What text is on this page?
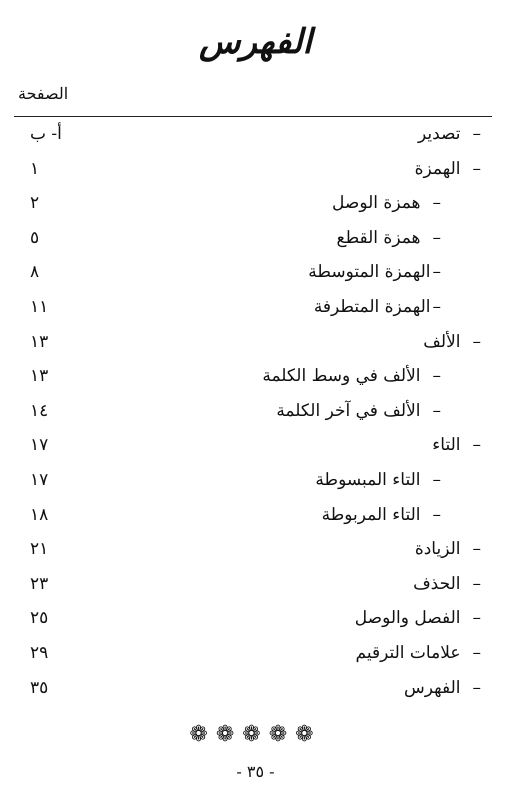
الفهرس
الصفحة
–تصدير
أ- ب
–الهمزة
١
–همزة الوصل
٢
–همزة القطع
٥
–الهمزة المتوسطة
٨
–الهمزة المتطرفة
١١
–الألف
١٣
–الألف في وسط الكلمة
١٣
–الألف في آخر الكلمة
١٤
–التاء
١٧
–التاء المبسوطة
١٧
–التاء المربوطة
١٨
–الزيادة
٢١
–الحذف
٢٣
–الفصل والوصل
٢٥
–علامات الترقيم
٢٩
–الفهرس
٣٥
❁❁❁❁❁
- ٣٥ -
